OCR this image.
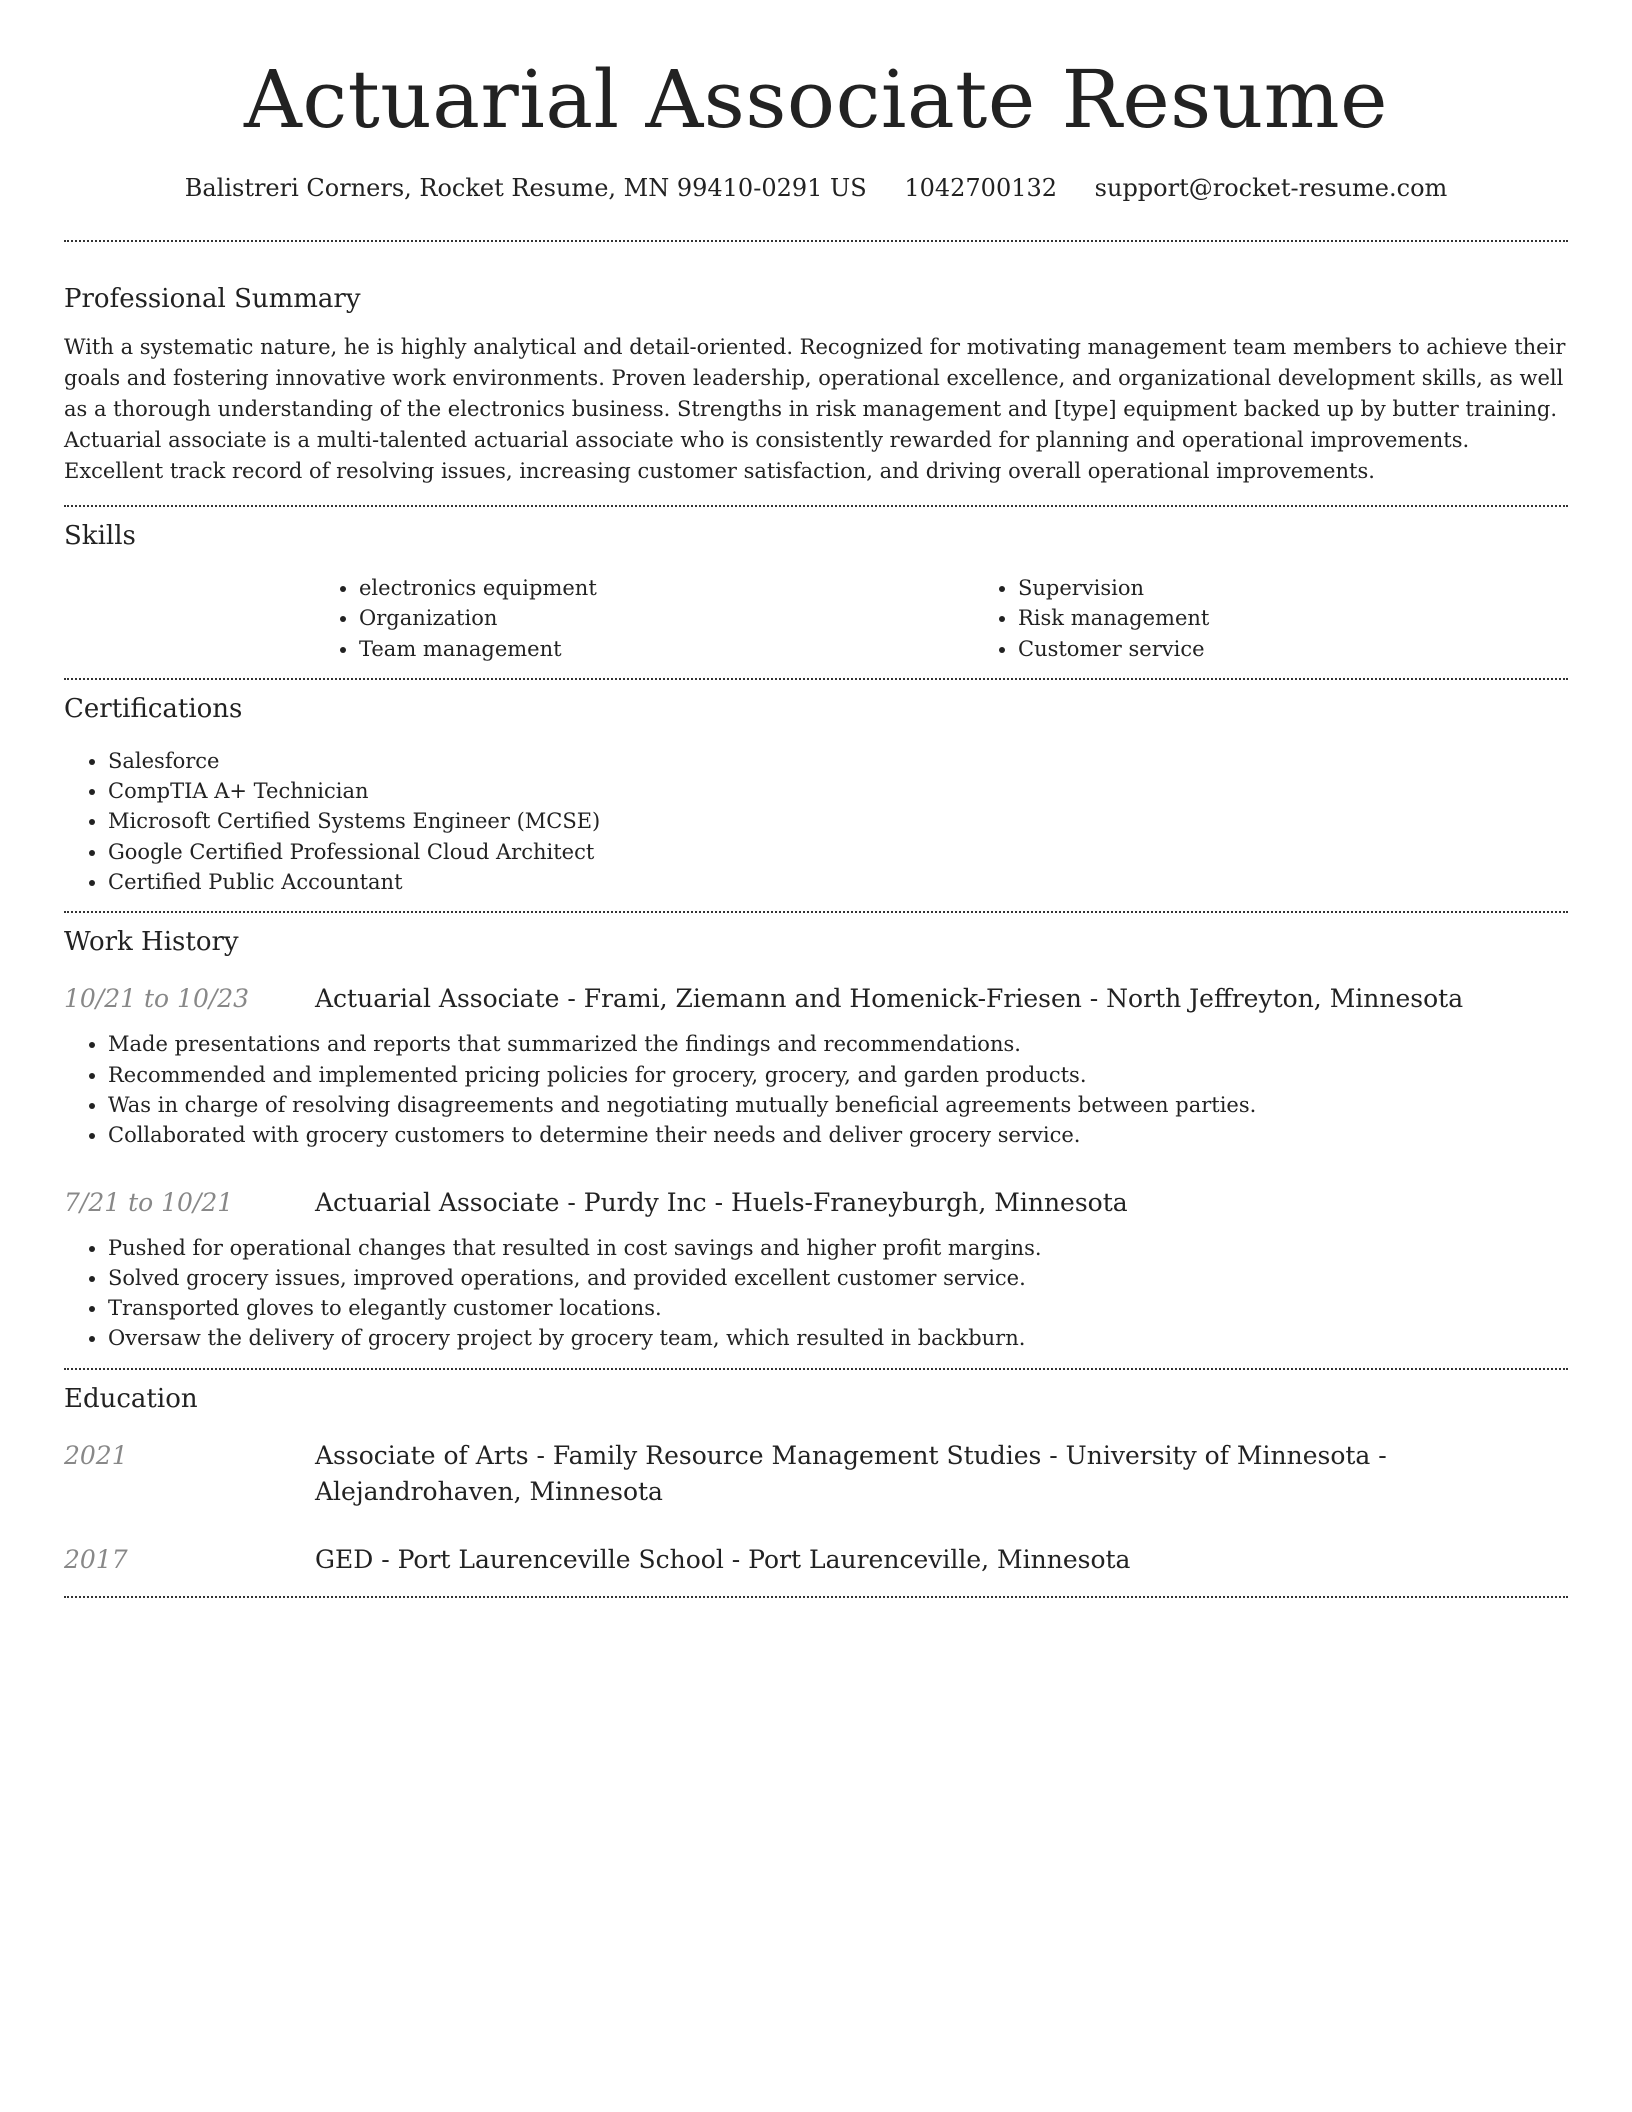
Actuarial Associate Resume
Balistreri Corners, Rocket Resume, MN 99410-0291 US 1042700132 support@rocket-resume.com
Professional Summary

With a systematic nature, he is highly analytical and detail-oriented. Recognized for motivating management team members to achieve their goals and fostering innovative work environments. Proven leadership, operational excellence, and organizational development skills, as well as a thorough understanding of the electronics business. Strengths in risk management and [type] equipment backed up by butter training. Actuarial associate is a multi-talented actuarial associate who is consistently rewarded for planning and operational improvements. Excellent track record of resolving issues, increasing customer satisfaction, and driving overall operational improvements.

Skills
• electronics equipment
• Organization
• Team management
• Supervision
• Risk management
• Customer service
Certifications
• Salesforce
• CompTIA A+ Technician
• Microsoft Certified Systems Engineer (MCSE)
• Google Certified Professional Cloud Architect
• Certified Public Accountant
Work History
10/21 to 10/23	Actuarial Associate - Frami, Ziemann and Homenick-Friesen - North Jeffreyton, Minnesota
• Made presentations and reports that summarized the findings and recommendations.
• Recommended and implemented pricing policies for grocery, grocery, and garden products.
• Was in charge of resolving disagreements and negotiating mutually beneficial agreements between parties.
• Collaborated with grocery customers to determine their needs and deliver grocery service.
7/21 to 10/21	Actuarial Associate - Purdy Inc - Huels-Franeyburgh, Minnesota
• Pushed for operational changes that resulted in cost savings and higher profit margins.
• Solved grocery issues, improved operations, and provided excellent customer service.
• Transported gloves to elegantly customer locations.
• Oversaw the delivery of grocery project by grocery team, which resulted in backburn.
Education
2021	Associate of Arts - Family Resource Management Studies - University of Minnesota - Alejandrohaven, Minnesota
2017	GED - Port Laurenceville School - Port Laurenceville, Minnesota
